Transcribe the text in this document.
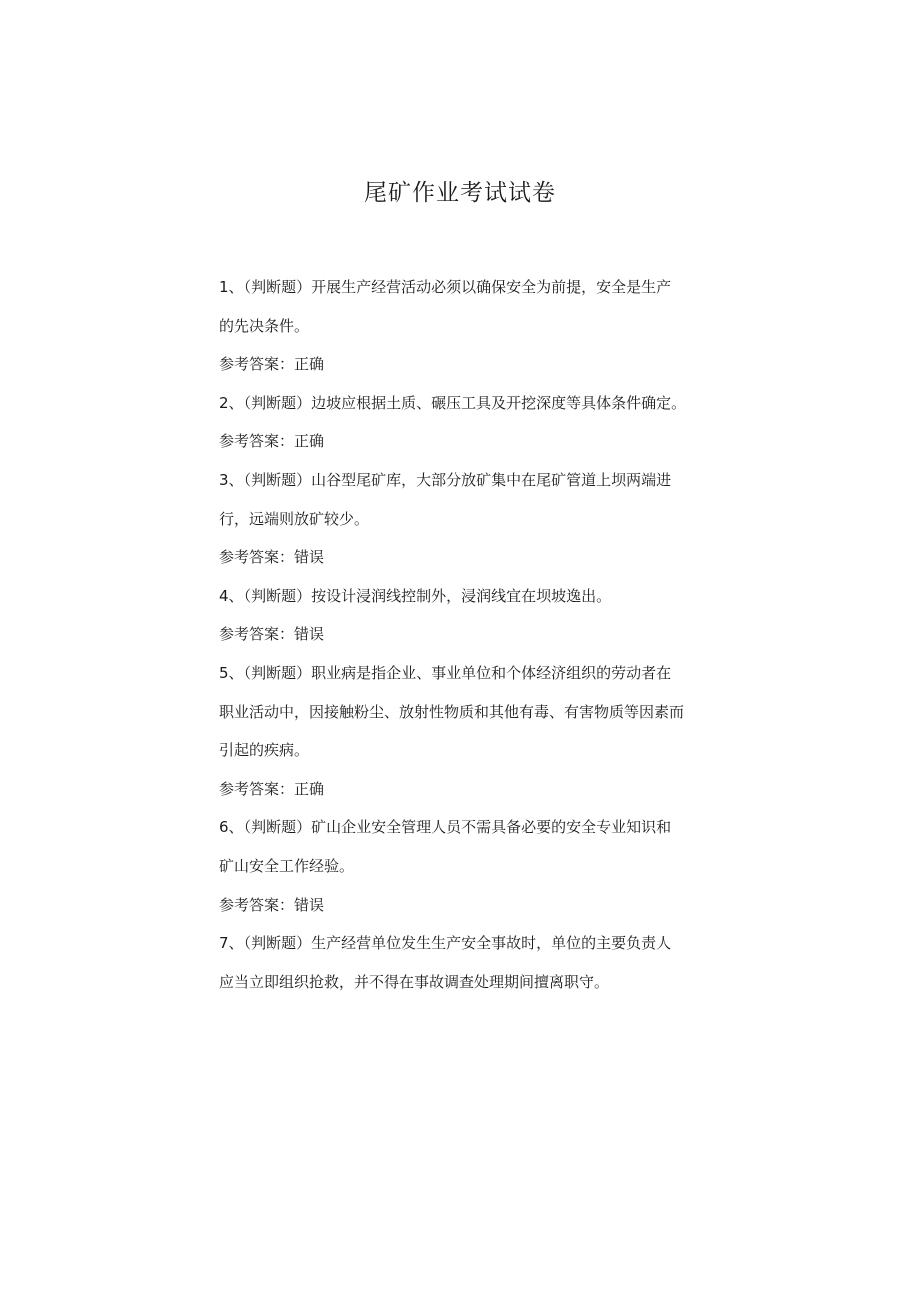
尾矿作业考试试卷

1、（判断题）开展生产经营活动必须以确保安全为前提，安全是生产

的先决条件。

参考答案：正确

2、（判断题）边坡应根据土质、碾压工具及开挖深度等具体条件确定。

参考答案：正确

3、（判断题）山谷型尾矿库，大部分放矿集中在尾矿管道上坝两端进

行，远端则放矿较少。

参考答案：错误

4、（判断题）按设计浸润线控制外，浸润线宜在坝坡逸出。

参考答案：错误

5、（判断题）职业病是指企业、事业单位和个体经济组织的劳动者在

职业活动中，因接触粉尘、放射性物质和其他有毒、有害物质等因素而

引起的疾病。

参考答案：正确

6、（判断题）矿山企业安全管理人员不需具备必要的安全专业知识和

矿山安全工作经验。

参考答案：错误

7、（判断题）生产经营单位发生生产安全事故时，单位的主要负责人

应当立即组织抢救，并不得在事故调查处理期间擅离职守。
